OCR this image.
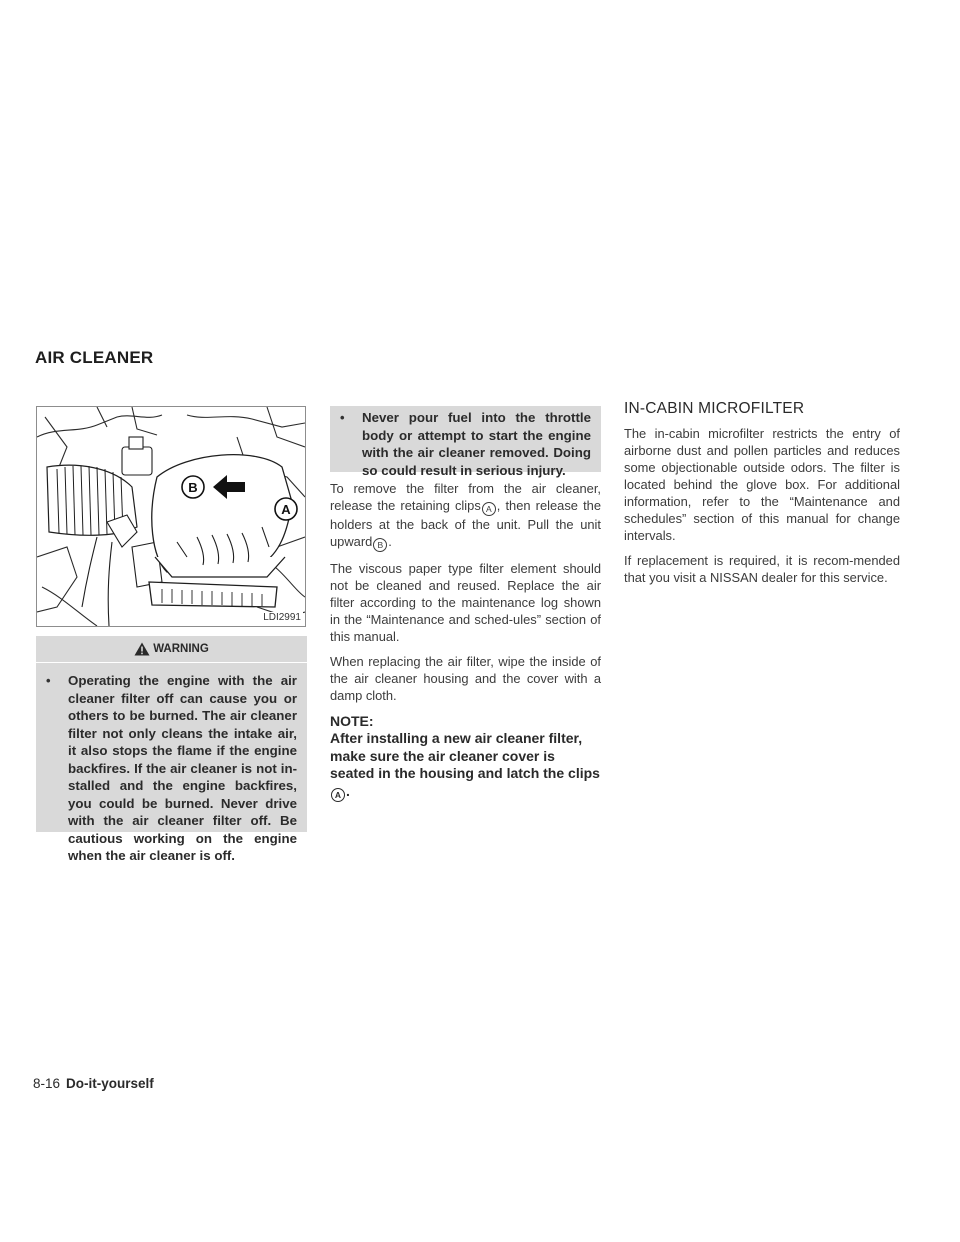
AIR CLEANER
B
A
LDI2991
WARNING
•	Operating the engine with the air cleaner filter off can cause you or others to be burned. The air cleaner filter not only cleans the intake air, it also stops the flame if the engine backfires. If the air cleaner is not in-stalled and the engine backfires, you could be burned. Never drive with the air cleaner filter off. Be cautious working on the engine when the air cleaner is off.
•	Never pour fuel into the throttle body or attempt to start the engine with the air cleaner removed. Doing so could result in serious injury.

To remove the filter from the air cleaner, release the retaining clips A , then release the holders at the back of the unit. Pull the unit upward B .

The viscous paper type filter element should not be cleaned and reused. Replace the air filter according to the maintenance log shown in the “Maintenance and sched-ules” section of this manual.

When replacing the air filter, wipe the inside of the air cleaner housing and the cover with a damp cloth.

NOTE:

After installing a new air cleaner filter, make sure the air cleaner cover is seated in the housing and latch the clipsA .

IN-CABIN MICROFILTER

The in-cabin microfilter restricts the entry of airborne dust and pollen particles and reduces some objectionable outside odors. The filter is located behind the glove box. For additional information, refer to the “Maintenance and schedules” section of this manual for change intervals.

If replacement is required, it is recom-mended that you visit a NISSAN dealer for this service.

8-16 Do-it-yourself
